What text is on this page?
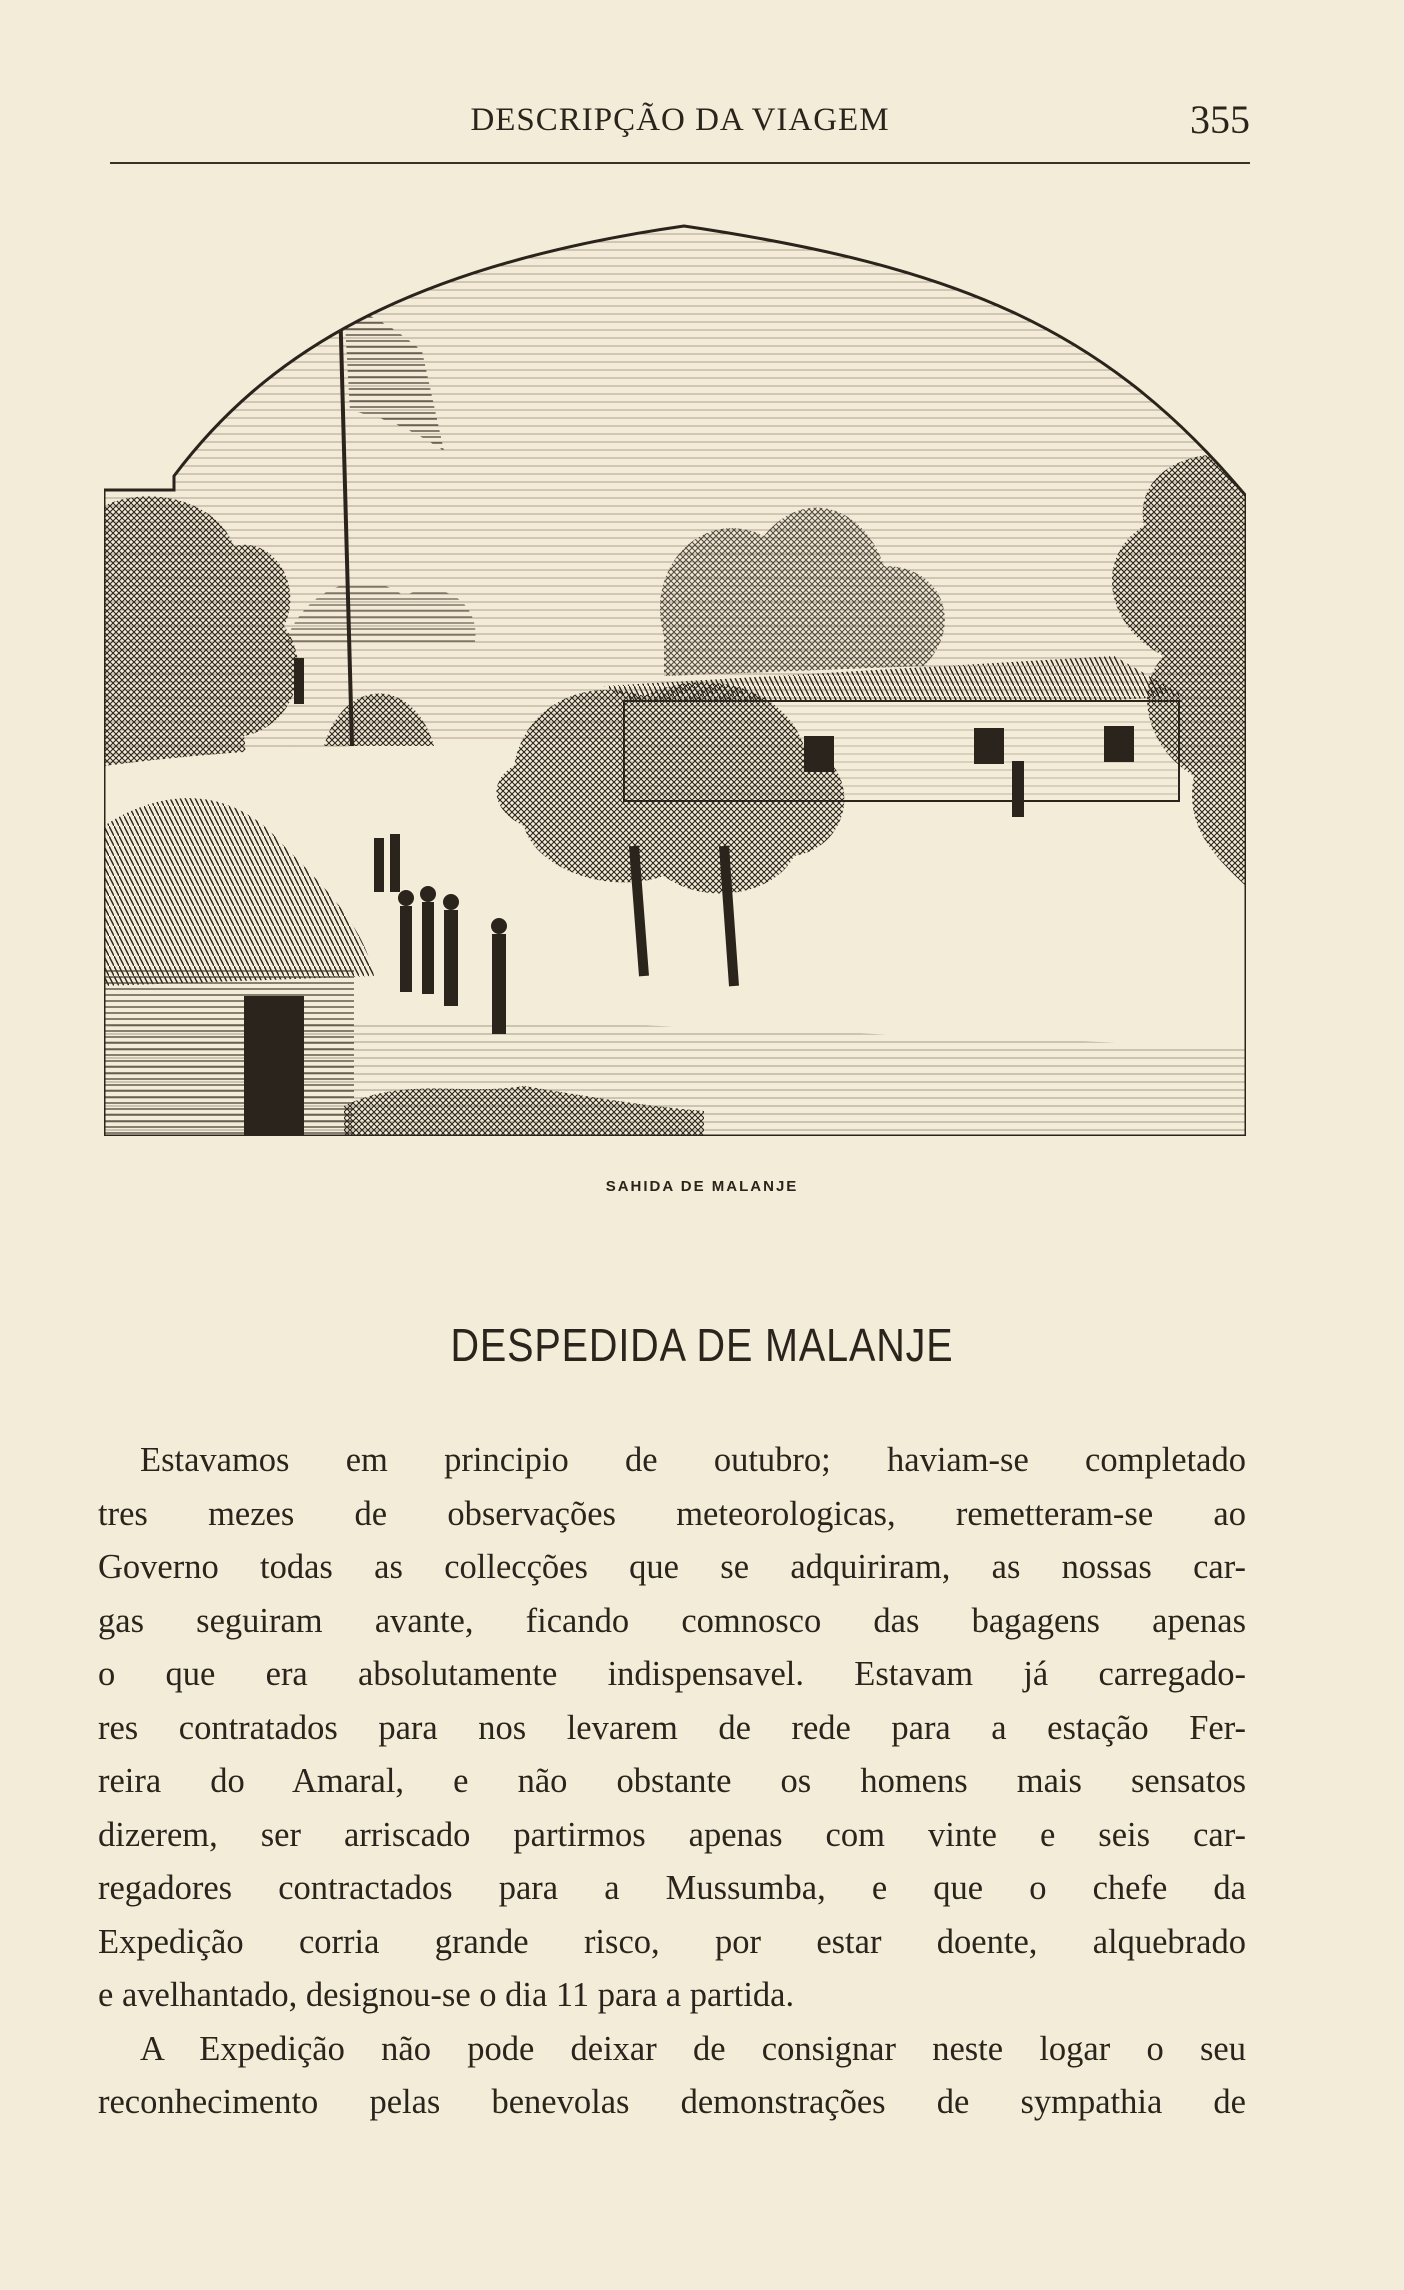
DESCRIPÇÃO DA VIAGEM	355
SAHIDA DE MALANJE
DESPEDIDA DE MALANJE
Estavamos em principio de outubro; haviam-se completado
tres mezes de observações meteorologicas, remetteram-se ao
Governo todas as collecções que se adquiriram, as nossas car-
gas seguiram avante, ficando comnosco das bagagens apenas
o que era absolutamente indispensavel. Estavam já carregado-
res contratados para nos levarem de rede para a estação Fer-
reira do Amaral, e não obstante os homens mais sensatos
dizerem, ser arriscado partirmos apenas com vinte e seis car-
regadores contractados para a Mussumba, e que o chefe da
Expedição corria grande risco, por estar doente, alquebrado
e avelhantado, designou-se o dia 11 para a partida.
A Expedição não pode deixar de consignar neste logar o seu
reconhecimento pelas benevolas demonstrações de sympathia de
